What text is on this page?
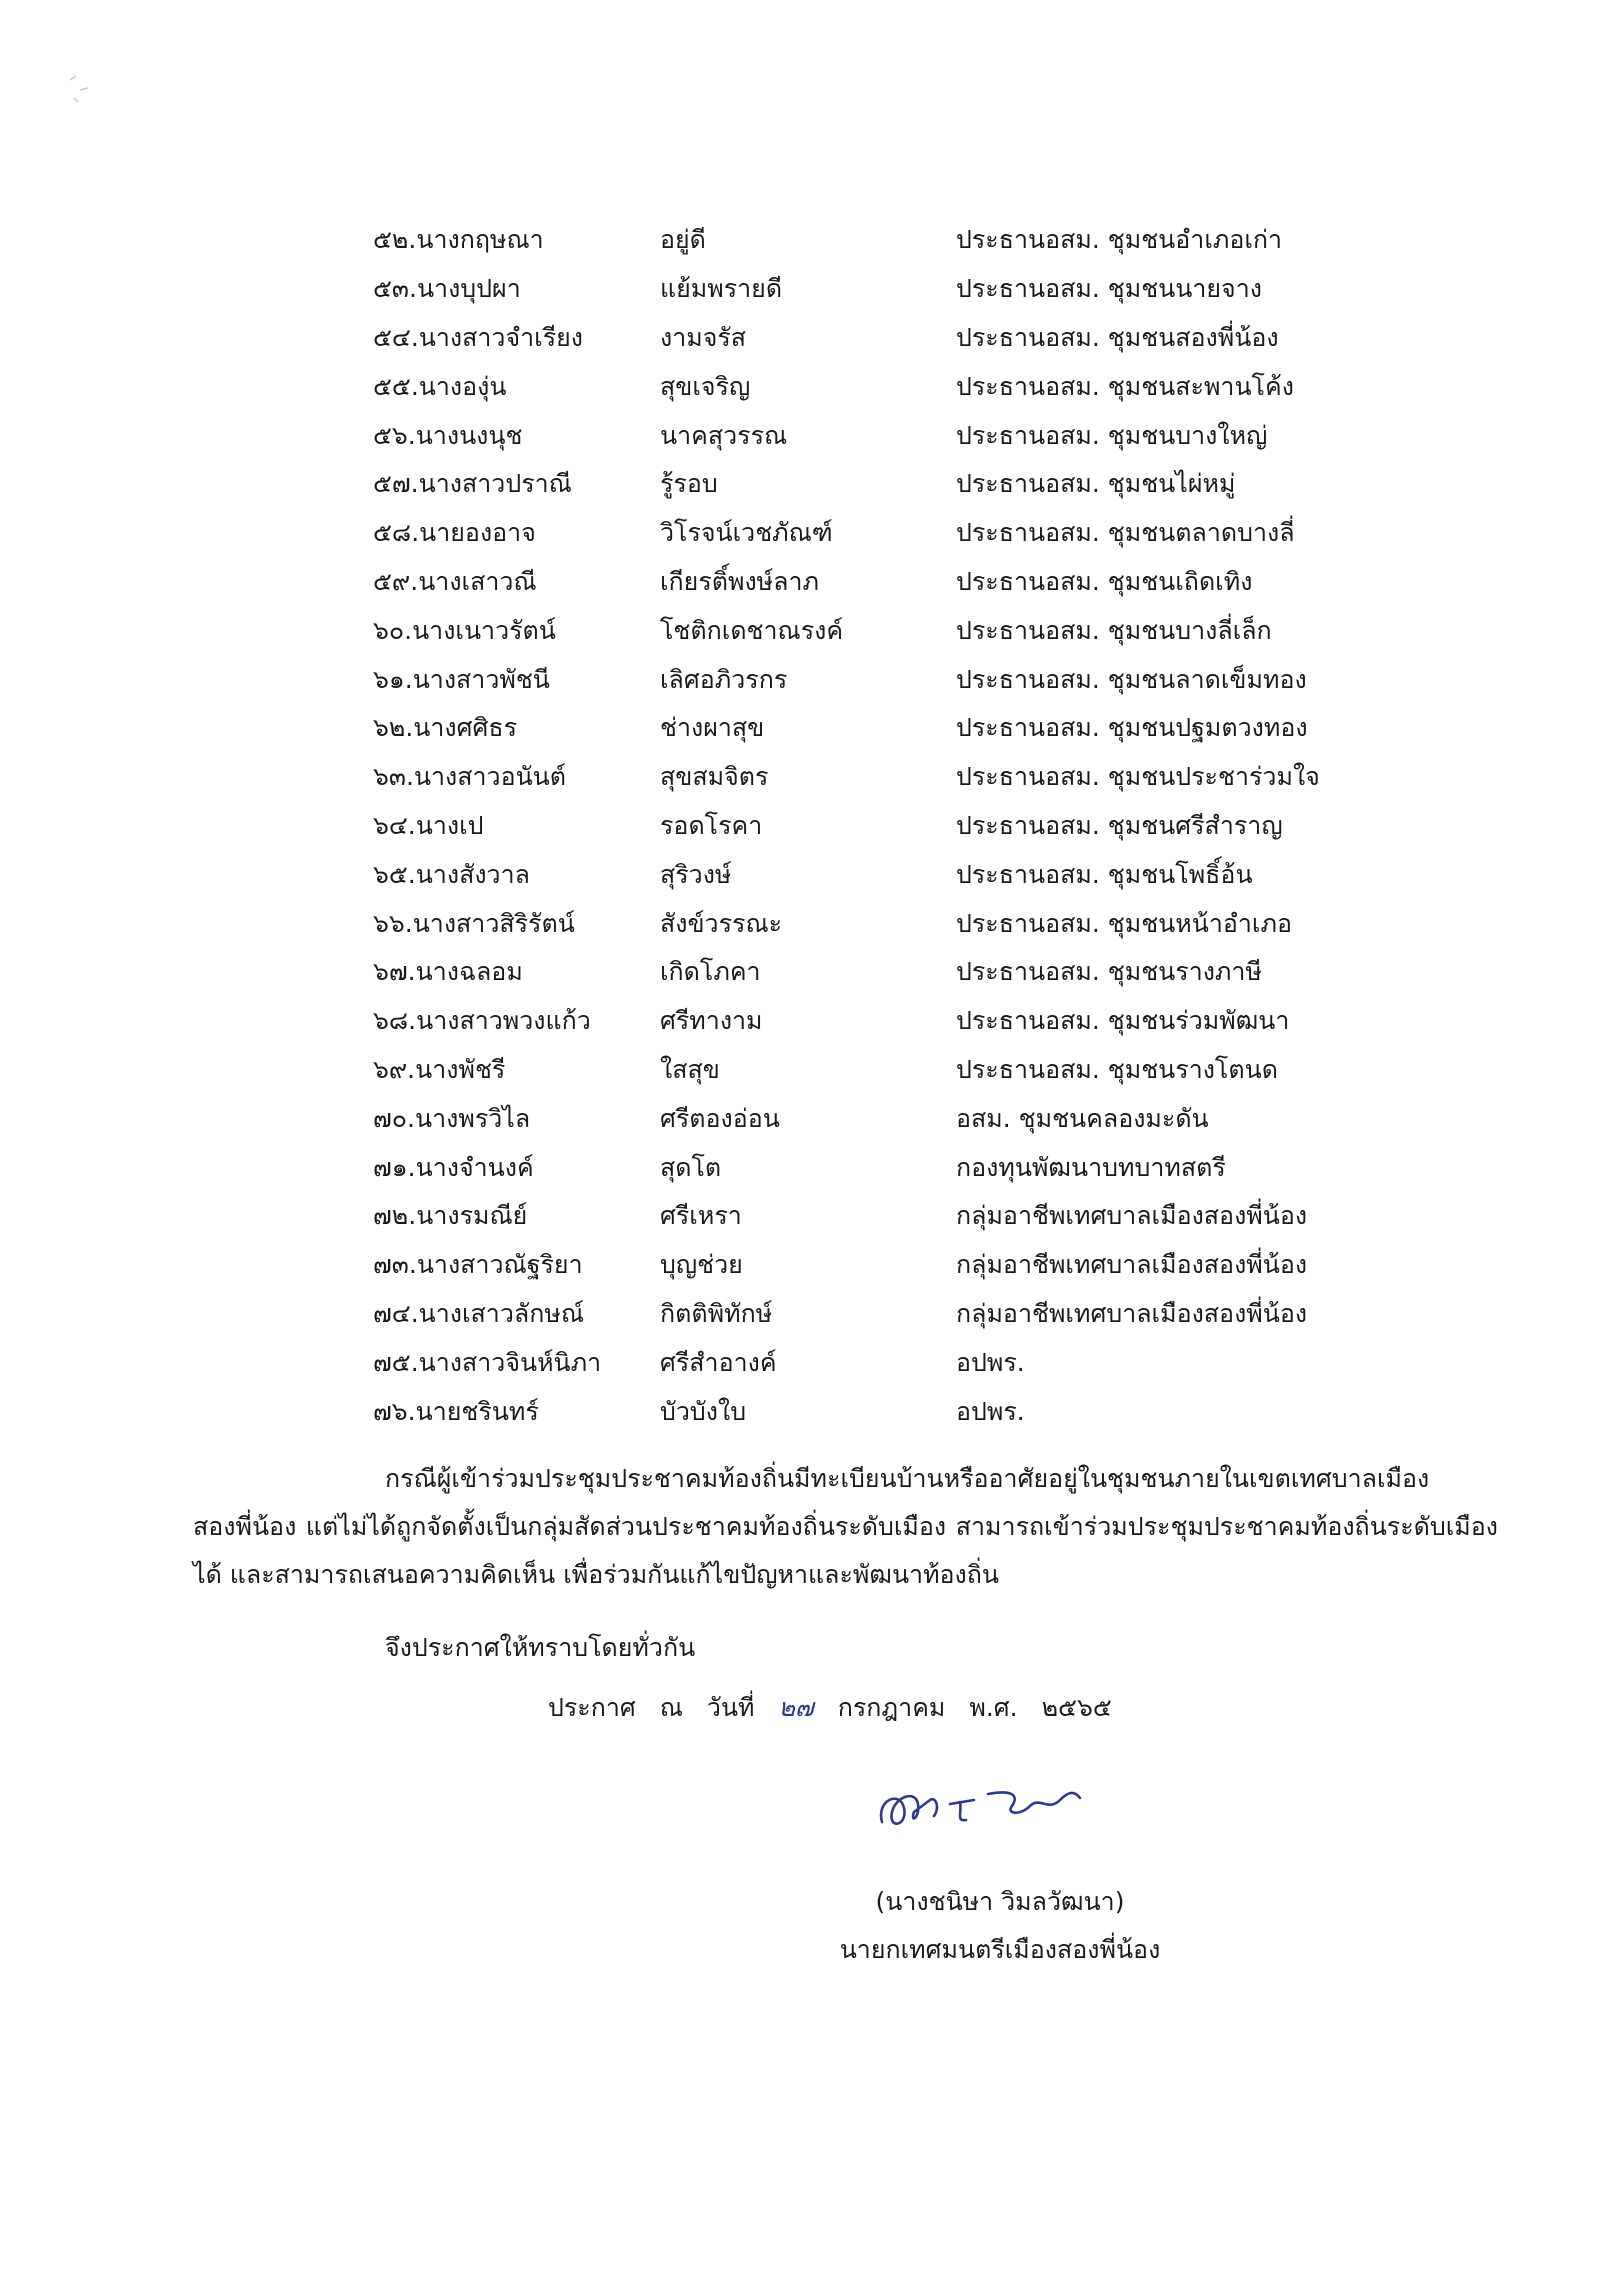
๕๒.นางกฤษณา	อยู่ดี	ประธานอสม. ชุมชนอำเภอเก่า
๕๓.นางบุปผา	แย้มพรายดี	ประธานอสม. ชุมชนนายจาง
๕๔.นางสาวจำเรียง	งามจรัส	ประธานอสม. ชุมชนสองพี่น้อง
๕๕.นางองุ่น	สุขเจริญ	ประธานอสม. ชุมชนสะพานโค้ง
๕๖.นางนงนุช	นาคสุวรรณ	ประธานอสม. ชุมชนบางใหญ่
๕๗.นางสาวปราณี	รู้รอบ	ประธานอสม. ชุมชนไผ่หมู่
๕๘.นายองอาจ	วิโรจน์เวชภัณฑ์	ประธานอสม. ชุมชนตลาดบางลี่
๕๙.นางเสาวณี	เกียรติ์พงษ์ลาภ	ประธานอสม. ชุมชนเถิดเทิง
๖๐.นางเนาวรัตน์	โชติกเดชาณรงค์	ประธานอสม. ชุมชนบางลี่เล็ก
๖๑.นางสาวพัชนี	เลิศอภิวรกร	ประธานอสม. ชุมชนลาดเข็มทอง
๖๒.นางศศิธร	ช่างผาสุข	ประธานอสม. ชุมชนปฐมตวงทอง
๖๓.นางสาวอนันต์	สุขสมจิตร	ประธานอสม. ชุมชนประชาร่วมใจ
๖๔.นางเป	รอดโรคา	ประธานอสม. ชุมชนศรีสำราญ
๖๕.นางสังวาล	สุริวงษ์	ประธานอสม. ชุมชนโพธิ์อ้น
๖๖.นางสาวสิริรัตน์	สังข์วรรณะ	ประธานอสม. ชุมชนหน้าอำเภอ
๖๗.นางฉลอม	เกิดโภคา	ประธานอสม. ชุมชนรางภาษี
๖๘.นางสาวพวงแก้ว	ศรีทางาม	ประธานอสม. ชุมชนร่วมพัฒนา
๖๙.นางพัชรี	ใสสุข	ประธานอสม. ชุมชนรางโตนด
๗๐.นางพรวิไล	ศรีตองอ่อน	อสม. ชุมชนคลองมะดัน
๗๑.นางจำนงค์	สุดโต	กองทุนพัฒนาบทบาทสตรี
๗๒.นางรมณีย์	ศรีเหรา	กลุ่มอาชีพเทศบาลเมืองสองพี่น้อง
๗๓.นางสาวณัฐริยา	บุญช่วย	กลุ่มอาชีพเทศบาลเมืองสองพี่น้อง
๗๔.นางเสาวลักษณ์	กิตติพิทักษ์	กลุ่มอาชีพเทศบาลเมืองสองพี่น้อง
๗๕.นางสาวจินห์นิภา	ศรีสำอางค์	อปพร.
๗๖.นายชรินทร์	บัวบังใบ	อปพร.

กรณีผู้เข้าร่วมประชุมประชาคมท้องถิ่นมีทะเบียนบ้านหรืออาศัยอยู่ในชุมชนภายในเขตเทศบาลเมืองสองพี่น้อง แต่ไม่ได้ถูกจัดตั้งเป็นกลุ่มสัดส่วนประชาคมท้องถิ่นระดับเมือง สามารถเข้าร่วมประชุมประชาคมท้องถิ่นระดับเมืองได้ และสามารถเสนอความคิดเห็น เพื่อร่วมกันแก้ไขปัญหาและพัฒนาท้องถิ่น

จึงประกาศให้ทราบโดยทั่วกัน
ประกาศ ณ วันที่ ๒๗ กรกฎาคม พ.ศ. ๒๕๖๕
(นางชนิษา วิมลวัฒนา)
นายกเทศมนตรีเมืองสองพี่น้อง
